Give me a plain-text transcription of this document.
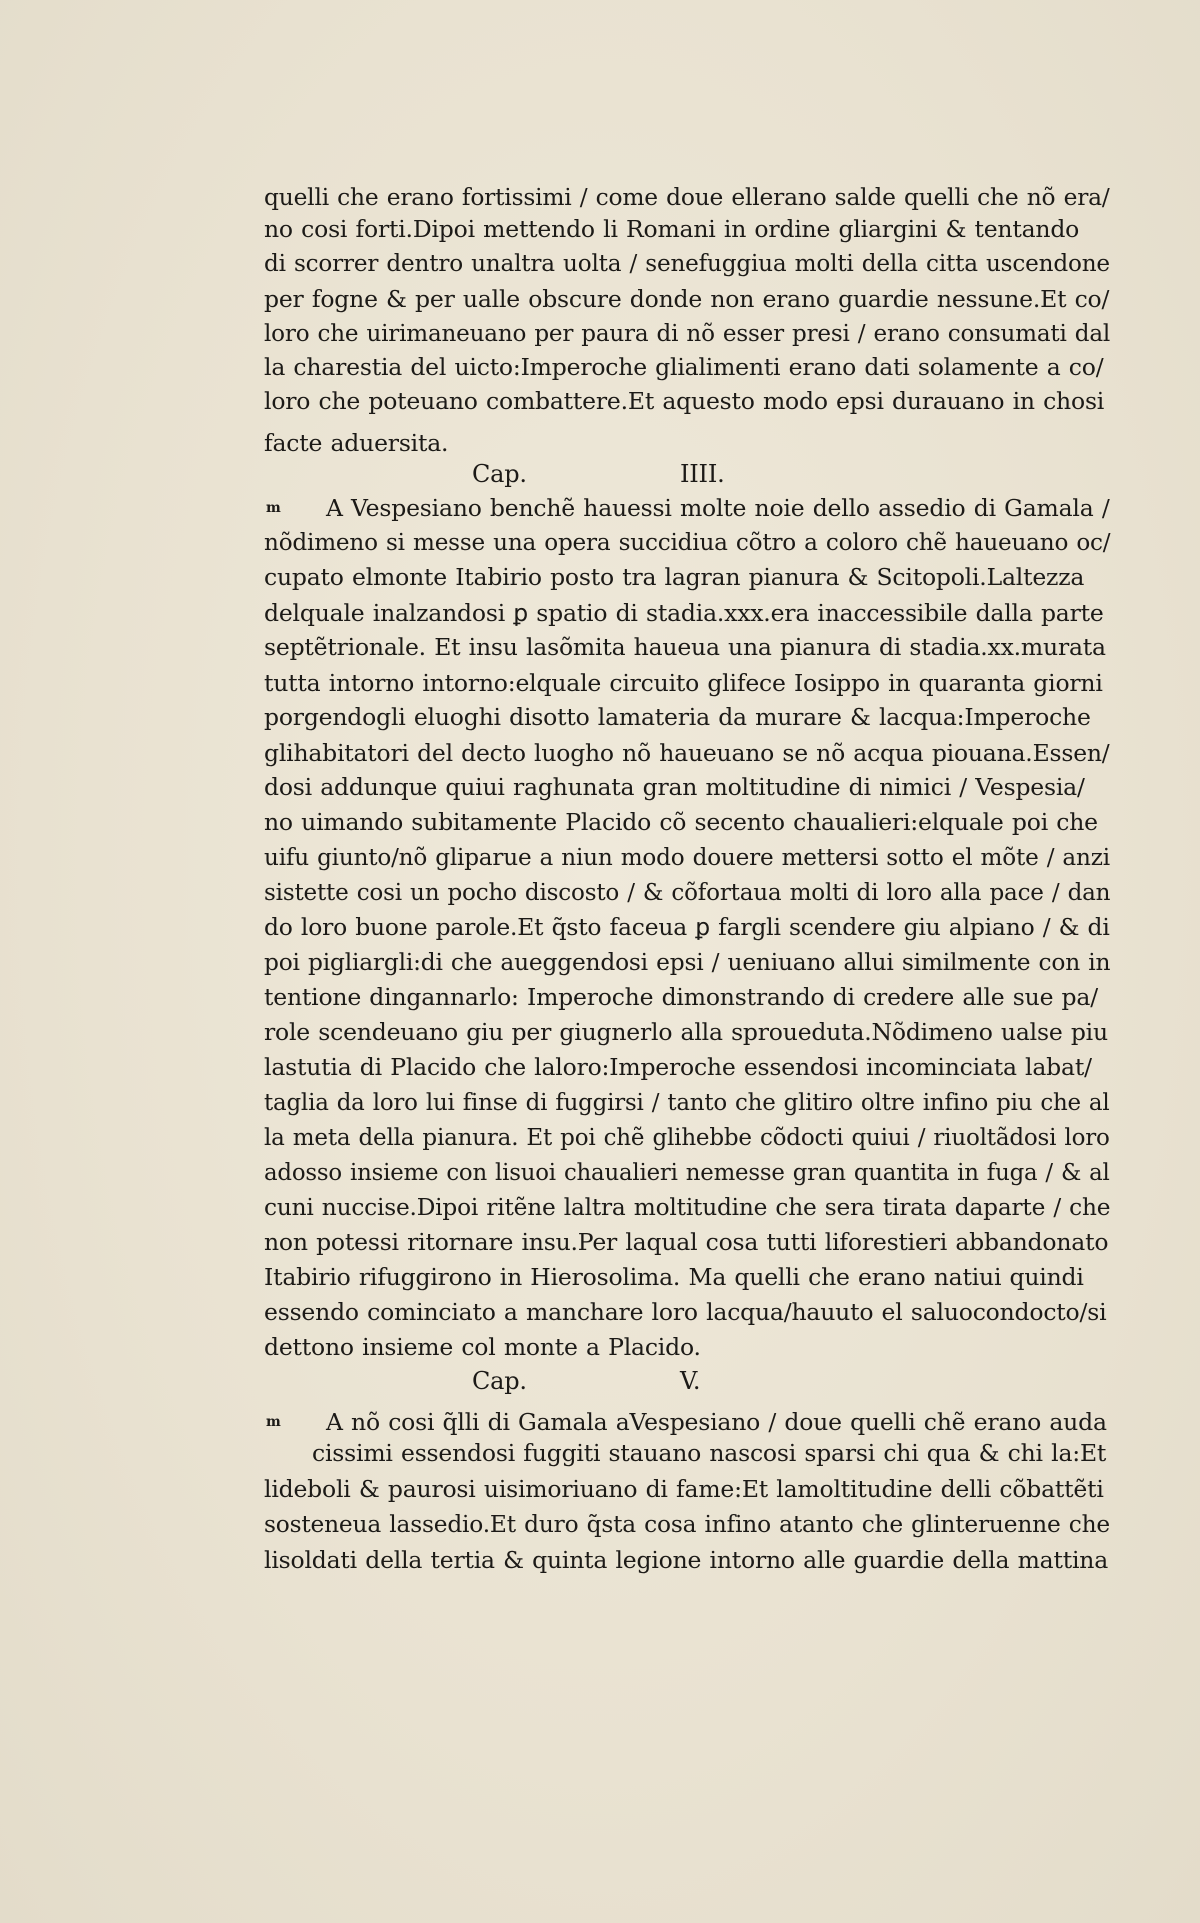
quelli che erano fortissimi / come doue ellerano salde quelli che nõ era/
no cosi forti.Dipoi mettendo li Romani in ordine gliargini & tentando
di scorrer dentro unaltra uolta / senefuggiua molti della citta uscendone
per fogne & per ualle obscure donde non erano guardie nessune.Et co/
loro che uirimaneuano per paura di nõ esser presi / erano consumati dal
la charestia del uicto:Imperoche glialimenti erano dati solamente a co/
loro che poteuano combattere.Et aquesto modo epsi durauano in chosi
facte aduersita.
Cap.	IIII.
m A Vespesiano benchẽ hauessi molte noie dello assedio di Gamala /
nõdimeno si messe una opera succidiua cõtro a coloro chẽ haueuano oc/
cupato elmonte Itabirio posto tra lagran pianura & Scitopoli.Laltezza
delquale inalzandosi ꝑ spatio di stadia.xxx.era inaccessibile dalla parte
septẽtrionale. Et insu lasõmita haueua una pianura di stadia.xx.murata
tutta intorno intorno:elquale circuito glifece Iosippo in quaranta giorni
porgendogli eluoghi disotto lamateria da murare & lacqua:Imperoche
glihabitatori del decto luogho nõ haueuano se nõ acqua piouana.Essen/
dosi addunque quiui raghunata gran moltitudine di nimici / Vespesia/
no uimando subitamente Placido cõ secento chaualieri:elquale poi che
uifu giunto/nõ gliparue a niun modo douere mettersi sotto el mõte / anzi
sistette cosi un pocho discosto / & cõfortaua molti di loro alla pace / dan
do loro buone parole.Et q̃sto faceua ꝑ fargli scendere giu alpiano / & di
poi pigliargli:di che aueggendosi epsi / ueniuano allui similmente con in
tentione dingannarlo: Imperoche dimonstrando di credere alle sue pa/
role scendeuano giu per giugnerlo alla sproueduta.Nõdimeno ualse piu
lastutia di Placido che laloro:Imperoche essendosi incominciata labat/
taglia da loro lui finse di fuggirsi / tanto che glitiro oltre infino piu che al
la meta della pianura. Et poi chẽ glihebbe cõdocti quiui / riuoltãdosi loro
adosso insieme con lisuoi chaualieri nemesse gran quantita in fuga / & al
cuni nuccise.Dipoi ritẽne laltra moltitudine che sera tirata daparte / che
non potessi ritornare insu.Per laqual cosa tutti liforestieri abbandonato
Itabirio rifuggirono in Hierosolima. Ma quelli che erano natiui quindi
essendo cominciato a manchare loro lacqua/hauuto el saluocondocto/si
dettono insieme col monte a Placido.
Cap.	V.
m A nõ cosi q̃lli di Gamala aVespesiano / doue quelli chẽ erano auda
cissimi essendosi fuggiti stauano nascosi sparsi chi qua & chi la:Et
lideboli & paurosi uisimoriuano di fame:Et lamoltitudine delli cõbattẽti
sosteneua lassedio.Et duro q̃sta cosa infino atanto che glinteruenne che
lisoldati della tertia & quinta legione intorno alle guardie della mattina
